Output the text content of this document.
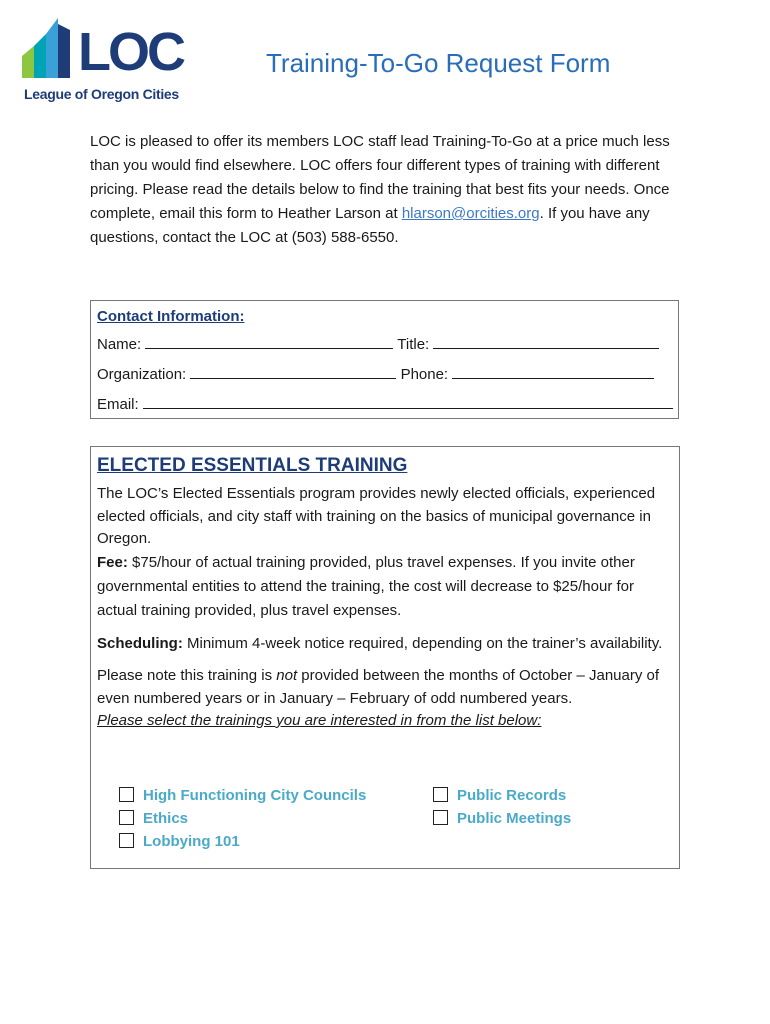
LOC
League of Oregon Cities
Training-To-Go Request Form

LOC is pleased to offer its members LOC staff lead Training-To-Go at a price much less than you would find elsewhere. LOC offers four different types of training with different pricing. Please read the details below to find the training that best fits your needs. Once complete, email this form to Heather Larson at hlarson@orcities.org. If you have any questions, contact the LOC at (503) 588-6550.

Contact Information:
Name:	Title:
Organization:	Phone:
Email:
ELECTED ESSENTIALS TRAINING

The LOC’s Elected Essentials program provides newly elected officials, experienced elected officials, and city staff with training on the basics of municipal governance in Oregon.

Fee: $75/hour of actual training provided, plus travel expenses. If you invite other governmental entities to attend the training, the cost will decrease to $25/hour for actual training provided, plus travel expenses.

Scheduling: Minimum 4-week notice required, depending on the trainer’s availability.

Please note this training is not provided between the months of October – January of even numbered years or in January – February of odd numbered years.

Please select the trainings you are interested in from the list below:

High Functioning City Councils
Ethics
Lobbying 101
Public Records
Public Meetings
